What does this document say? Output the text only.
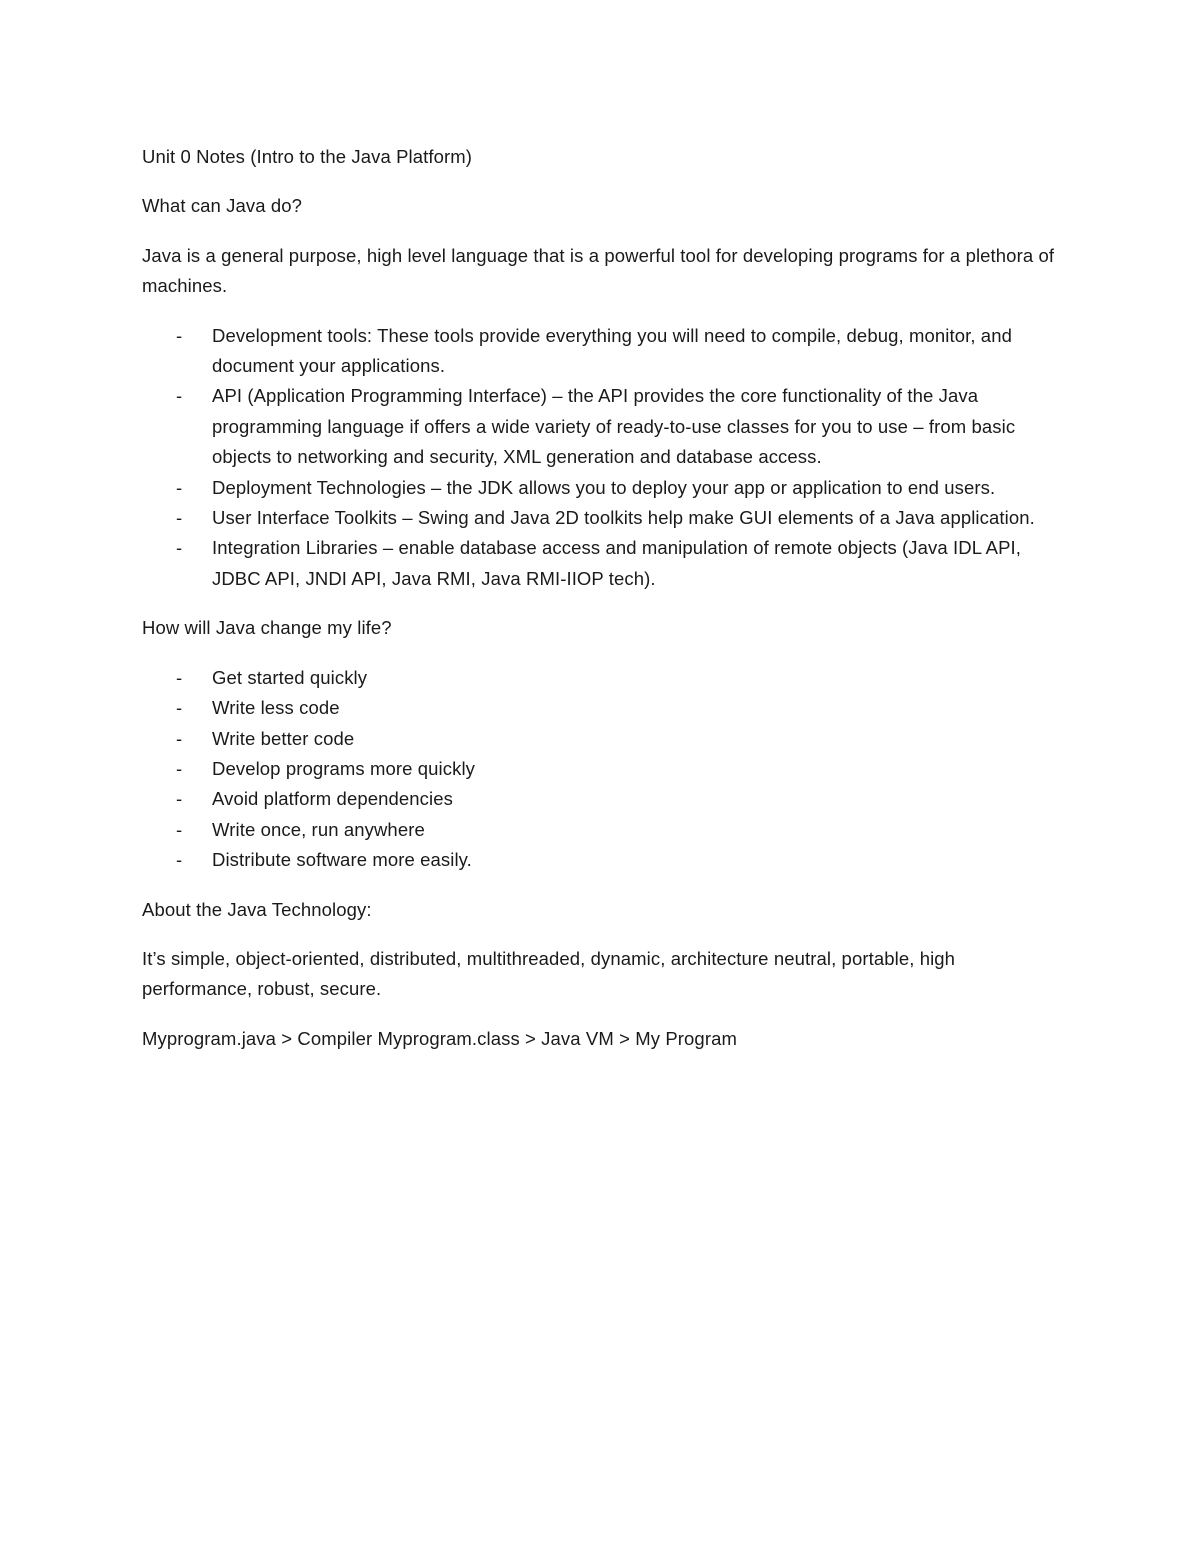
Unit 0 Notes (Intro to the Java Platform)

What can Java do?

Java is a general purpose, high level language that is a powerful tool for developing programs for a plethora of machines.

- Development tools: These tools provide everything you will need to compile, debug, monitor, and document your applications.
- API (Application Programming Interface) – the API provides the core functionality of the Java programming language if offers a wide variety of ready-to-use classes for you to use – from basic objects to networking and security, XML generation and database access.
- Deployment Technologies – the JDK allows you to deploy your app or application to end users.
- User Interface Toolkits – Swing and Java 2D toolkits help make GUI elements of a Java application.
- Integration Libraries – enable database access and manipulation of remote objects (Java IDL API, JDBC API, JNDI API, Java RMI, Java RMI-IIOP tech).

How will Java change my life?

- Get started quickly
- Write less code
- Write better code
- Develop programs more quickly
- Avoid platform dependencies
- Write once, run anywhere
- Distribute software more easily.

About the Java Technology:

It’s simple, object-oriented, distributed, multithreaded, dynamic, architecture neutral, portable, high performance, robust, secure.

Myprogram.java > Compiler Myprogram.class > Java VM > My Program
